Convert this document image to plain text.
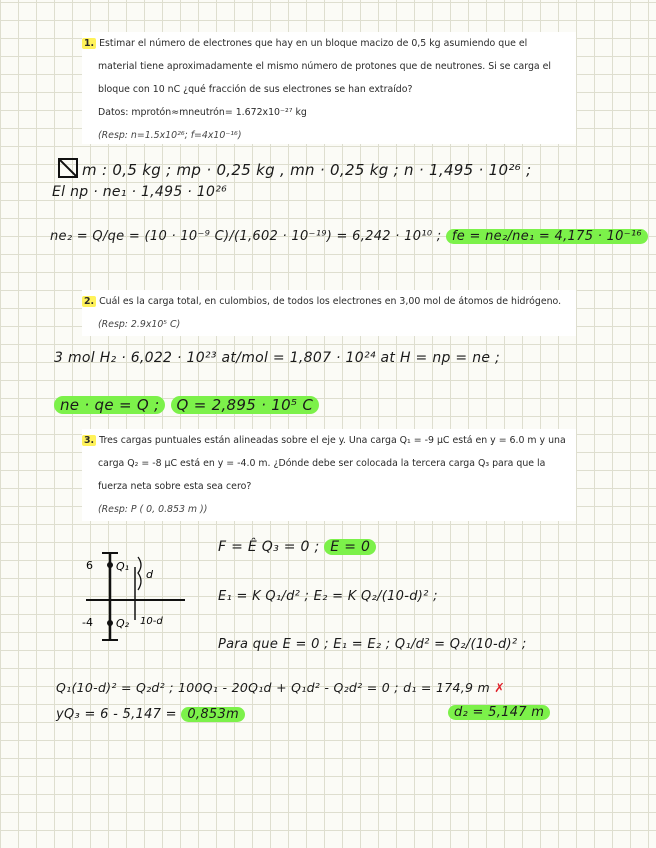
1. Estimar el número de electrones que hay en un bloque macizo de 0,5 kg asumiendo que el

material tiene aproximadamente el mismo número de protones que de neutrones. Si se carga el

bloque con 10 nC ¿qué fracción de sus electrones se han extraído?

Datos: mprotón≈mneutrón= 1.672x10⁻²⁷ kg

(Resp: n=1.5x10²⁶; f=4x10⁻¹⁶)

m : 0,5 kg ; mp · 0,25 kg , mn · 0,25 kg ; n · 1,495 · 10²⁶ ;
El np · ne₁ · 1,495 · 10²⁶
ne₂ = Q/qe = (10 · 10⁻⁹ C)/(1,602 · 10⁻¹⁹) = 6,242 · 10¹⁰ ; fe = ne₂/ne₁ = 4,175 · 10⁻¹⁶

2. Cuál es la carga total, en culombios, de todos los electrones en 3,00 mol de átomos de hidrógeno.

(Resp: 2.9x10⁵ C)

3 mol H₂ · 6,022 · 10²³ at/mol = 1,807 · 10²⁴ at H = np = ne ;
ne · qe = Q ; Q = 2,895 · 10⁵ C

3. Tres cargas puntuales están alineadas sobre el eje y. Una carga Q₁ = -9 μC está en y = 6.0 m y una

carga Q₂ = -8 μC está en y = -4.0 m. ¿Dónde debe ser colocada la tercera carga Q₃ para que la

fuerza neta sobre esta sea cero?

(Resp: P ( 0, 0.853 m ))

6
-4
Q₁
Q₂
d
10-d
F = Ê Q₃ = 0 ; E = 0
E₁ = K Q₁/d² ; E₂ = K Q₂/(10-d)² ;
Para que E = 0 ; E₁ = E₂ ; Q₁/d² = Q₂/(10-d)² ;
Q₁(10-d)² = Q₂d² ; 100Q₁ - 20Q₁d + Q₁d² - Q₂d² = 0 ; d₁ = 174,9 m ✗
yQ₃ = 6 - 5,147 = 0,853m	d₂ = 5,147 m
